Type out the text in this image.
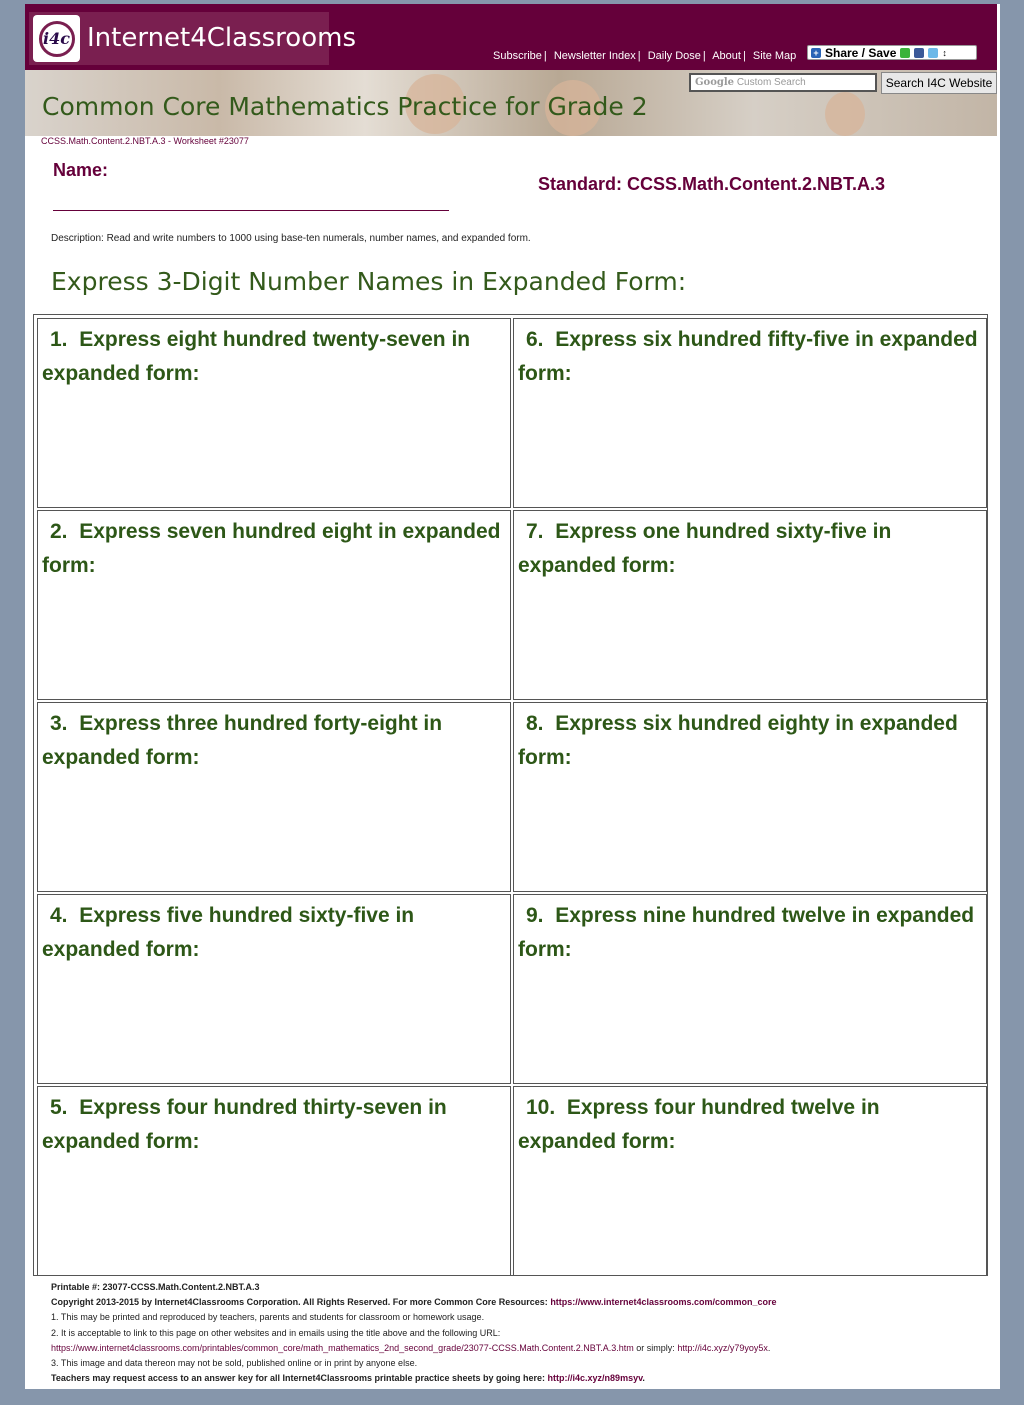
i4c Internet4Classrooms
Subscribe | Newsletter Index | Daily Dose | About | Site Map + Share / Save	↕
Common Core Mathematics Practice for Grade 2
Google Custom Search	Search I4C Website
CCSS.Math.Content.2.NBT.A.3 - Worksheet #23077
Name:
Standard: CCSS.Math.Content.2.NBT.A.3
Description: Read and write numbers to 1000 using base-ten numerals, number names, and expanded form.
Express 3-Digit Number Names in Expanded Form:
1. Express eight hundred twenty-seven in expanded form:
6. Express six hundred fifty-five in expanded form:
2. Express seven hundred eight in expanded form:
7. Express one hundred sixty-five in expanded form:
3. Express three hundred forty-eight in expanded form:
8. Express six hundred eighty in expanded form:
4. Express five hundred sixty-five in expanded form:
9. Express nine hundred twelve in expanded form:
5. Express four hundred thirty-seven in expanded form:
10. Express four hundred twelve in expanded form:
Printable #: 23077-CCSS.Math.Content.2.NBT.A.3
Copyright 2013-2015 by Internet4Classrooms Corporation. All Rights Reserved. For more Common Core Resources: https://www.internet4classrooms.com/common_core
1. This may be printed and reproduced by teachers, parents and students for classroom or homework usage.
2. It is acceptable to link to this page on other websites and in emails using the title above and the following URL:
https://www.internet4classrooms.com/printables/common_core/math_mathematics_2nd_second_grade/23077-CCSS.Math.Content.2.NBT.A.3.htm or simply: http://i4c.xyz/y79yoy5x.
3. This image and data thereon may not be sold, published online or in print by anyone else.
Teachers may request access to an answer key for all Internet4Classrooms printable practice sheets by going here: http://i4c.xyz/n89msyv.
